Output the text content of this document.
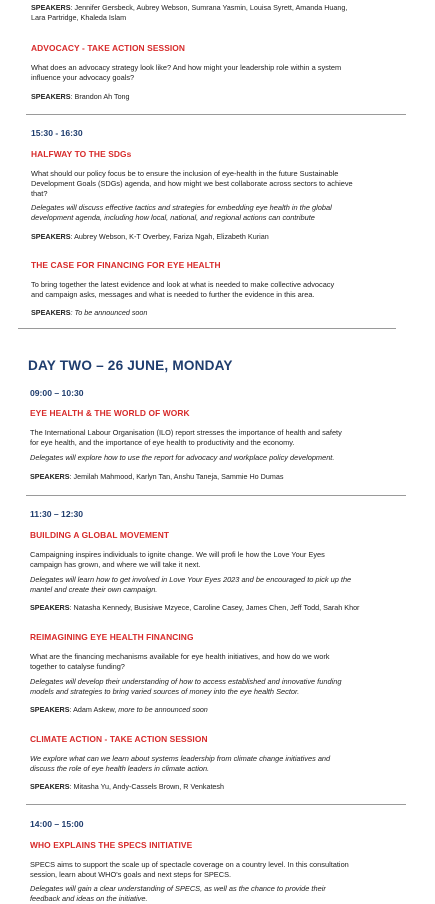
SPEAKERS: Jennifer Gersbeck, Aubrey Webson, Sumrana Yasmin, Louisa Syrett, Amanda Huang,

Lara Partridge, Khaleda Islam

ADVOCACY - TAKE ACTION SESSION

What does an advocacy strategy look like? And how might your leadership role within a system

influence your advocacy goals?

SPEAKERS: Brandon Ah Tong

15:30 - 16:30

HALFWAY TO THE SDGs

What should our policy focus be to ensure the inclusion of eye-health in the future Sustainable

Development Goals (SDGs) agenda, and how might we best collaborate across sectors to achieve

that?

Delegates will discuss effective tactics and strategies for embedding eye health in the global

development agenda, including how local, national, and regional actions can contribute

SPEAKERS: Aubrey Webson, K-T Overbey, Fariza Ngah, Elizabeth Kurian

THE CASE FOR FINANCING FOR EYE HEALTH

To bring together the latest evidence and look at what is needed to make collective advocacy

and campaign asks, messages and what is needed to further the evidence in this area.

SPEAKERS: To be announced soon

DAY TWO – 26 JUNE, MONDAY

09:00 – 10:30

EYE HEALTH & THE WORLD OF WORK

The International Labour Organisation (ILO) report stresses the importance of health and safety

for eye health, and the importance of eye health to productivity and the economy.

Delegates will explore how to use the report for advocacy and workplace policy development.

SPEAKERS: Jemilah Mahmood, Karlyn Tan, Anshu Taneja, Sammie Ho Dumas

11:30 – 12:30

BUILDING A GLOBAL MOVEMENT

Campaigning inspires individuals to ignite change. We will profi le how the Love Your Eyes

campaign has grown, and where we will take it next.

Delegates will learn how to get involved in Love Your Eyes 2023 and be encouraged to pick up the

mantel and create their own campaign.

SPEAKERS: Natasha Kennedy, Busisiwe Mzyece, Caroline Casey, James Chen, Jeff Todd, Sarah Khor

REIMAGINING EYE HEALTH FINANCING

What are the financing mechanisms available for eye health initiatives, and how do we work

together to catalyse funding?

Delegates will develop their understanding of how to access established and innovative funding

models and strategies to bring varied sources of money into the eye health Sector.

SPEAKERS: Adam Askew, more to be announced soon

CLIMATE ACTION - TAKE ACTION SESSION

We explore what can we learn about systems leadership from climate change initiatives and

discuss the role of eye health leaders in climate action.

SPEAKERS: Mitasha Yu, Andy-Cassels Brown, R Venkatesh

14:00 – 15:00

WHO EXPLAINS THE SPECS INITIATIVE

SPECS aims to support the scale up of spectacle coverage on a country level. In this consultation

session, learn about WHO's goals and next steps for SPECS.

Delegates will gain a clear understanding of SPECS, as well as the chance to provide their

feedback and ideas on the initiative.
